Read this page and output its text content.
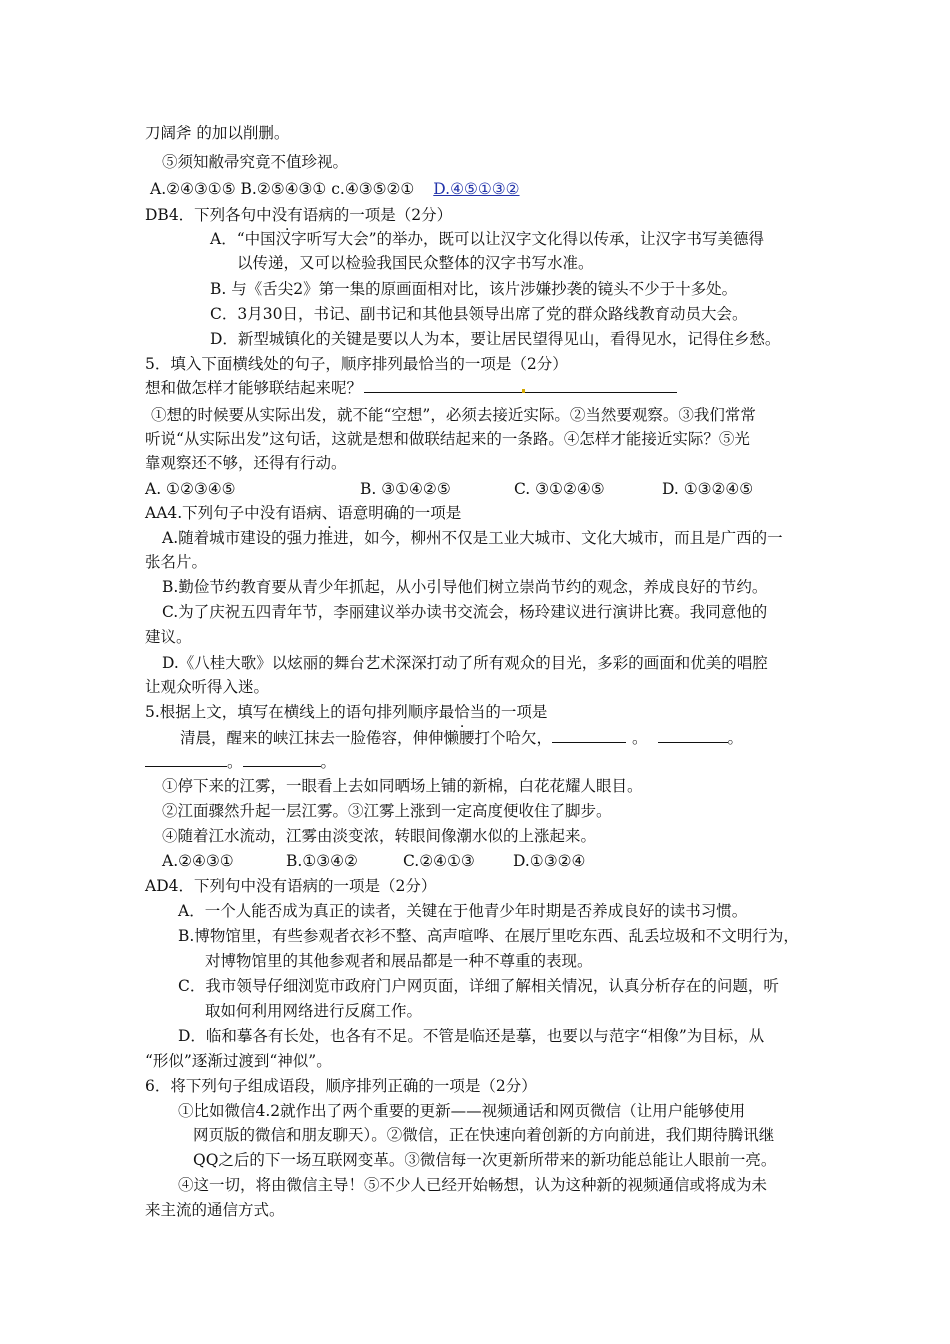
刀阔斧 的加以削删。
⑤须知敝帚究竟不值珍视。
A.②④③①⑤ B.②⑤④③① c.④③⑤②① D.④⑤①③②
DB4．下列各句中没有语病的一项是（2分）
A．“中国汉字听写大会”的举办，既可以让汉字文化得以传承，让汉字书写美德得
以传递，又可以检验我国民众整体的汉字书写水准。
B. 与《舌尖2》第一集的原画面相对比，该片涉嫌抄袭的镜头不少于十多处。
C．3月30日，书记、副书记和其他县领导出席了党的群众路线教育动员大会。
D．新型城镇化的关键是要以人为本，要让居民望得见山，看得见水，记得住乡愁。
5．填入下面横线处的句子，顺序排列最恰当的一项是（2分）
想和做怎样才能够联结起来呢？
①想的时候要从实际出发，就不能“空想”，必须去接近实际。②当然要观察。③我们常常
听说“从实际出发”这句话，这就是想和做联结起来的一条路。④怎样才能接近实际？⑤光
靠观察还不够，还得有行动。
A. ①②③④⑤	B. ③①④②⑤	C. ③①②④⑤	D. ①③②④⑤
AA4.下列句子中没有语病、语意明确 ·的一项是
A.随着城市建设的强力推进，如今，柳州不仅是工业大城市、文化大城市，而且是广西的一
张名片。
B.勤俭节约教育要从青少年抓起，从小引导他们树立崇尚节约的观念，养成良好的节约。
C.为了庆祝五四青年节，李丽建议举办读书交流会，杨玲建议进行演讲比赛。我同意他的
建议。
D.《八桂大歌》以炫丽的舞台艺术深深打动了所有观众的目光，多彩的画面和优美的唱腔
让观众听得入迷。
5.根据上文，填写在横线上的语句排列顺序最恰当的一项是
清晨，醒来的峡江抹去一脸倦容，伸伸懒腰打个哈欠，	。	。
。	。
①停下来的江雾，一眼看上去如同晒场上铺的新棉，白花花耀人眼目。
②江面骤然升起一层江雾。③江雾上涨到一定高度便收住了脚步。
④随着江水流动，江雾由淡变浓，转眼间像潮水似的上涨起来。
A.②④③①	B.①③④②	C.②④①③ D.①③②④
AD4．下列句中没有语病的一项是（2分）
A．一个人能否成为真正的读者，关键在于他青少年时期是否养成良好的读书习惯。
B.博物馆里，有些参观者衣衫不整、高声喧哗、在展厅里吃东西、乱丢垃圾和不文明行为，
对博物馆里的其他参观者和展品都是一种不尊重的表现。
C．我市领导仔细浏览市政府门户网页面，详细了解相关情况，认真分析存在的问题，听
取如何利用网络进行反腐工作。
D．临和摹各有长处，也各有不足。不管是临还是摹，也要以与范字“相像”为目标，从
“形似”逐渐过渡到“神似”。
6．将下列句子组成语段，顺序排列正确的一项是（2分）
①比如微信4.2就作出了两个重要的更新——视频通话和网页微信（让用户能够使用
网页版的微信和朋友聊天）。②微信，正在快速向着创新的方向前进，我们期待腾讯继
QQ之后的下一场互联网变革。③微信每一次更新所带来的新功能总能让人眼前一亮。
④这一切，将由微信主导！⑤不少人已经开始畅想，认为这种新的视频通信或将成为未
来主流的通信方式。
